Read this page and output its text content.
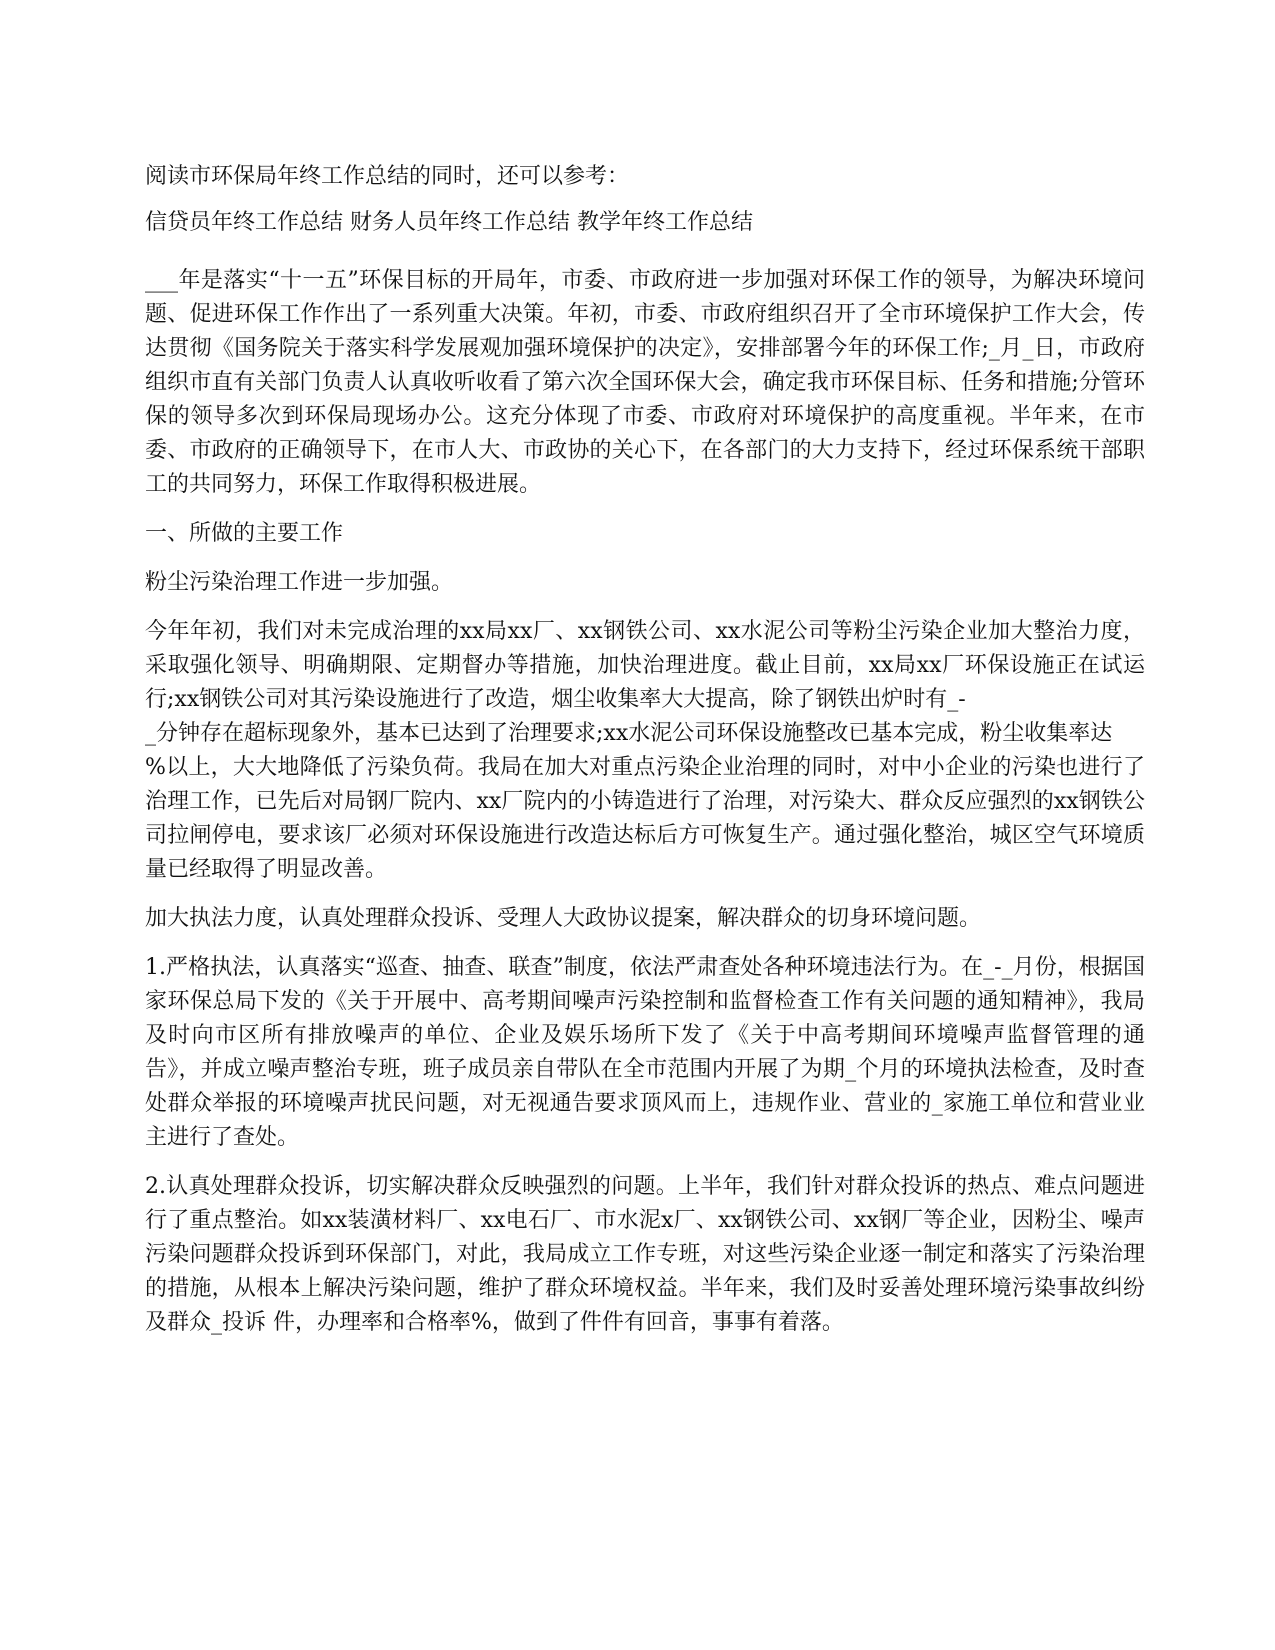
阅读市环保局年终工作总结的同时，还可以参考：

信贷员年终工作总结 财务人员年终工作总结 教学年终工作总结

___年是落实“十一五”环保目标的开局年，市委、市政府进一步加强对环保工作的领导，为解决环境问题、促进环保工作作出了一系列重大决策。年初，市委、市政府组织召开了全市环境保护工作大会，传达贯彻《国务院关于落实科学发展观加强环境保护的决定》，安排部署今年的环保工作;_月_日，市政府组织市直有关部门负责人认真收听收看了第六次全国环保大会，确定我市环保目标、任务和措施;分管环保的领导多次到环保局现场办公。这充分体现了市委、市政府对环境保护的高度重视。半年来，在市委、市政府的正确领导下，在市人大、市政协的关心下，在各部门的大力支持下，经过环保系统干部职工的共同努力，环保工作取得积极进展。

一、所做的主要工作

粉尘污染治理工作进一步加强。

今年年初，我们对未完成治理的xx局xx厂、xx钢铁公司、xx水泥公司等粉尘污染企业加大整治力度，采取强化领导、明确期限、定期督办等措施，加快治理进度。截止目前，xx局xx厂环保设施正在试运行;xx钢铁公司对其污染设施进行了改造，烟尘收集率大大提高，除了钢铁出炉时有_-
_分钟存在超标现象外，基本已达到了治理要求;xx水泥公司环保设施整改已基本完成，粉尘收集率达
%以上，大大地降低了污染负荷。我局在加大对重点污染企业治理的同时，对中小企业的污染也进行了治理工作，已先后对局钢厂院内、xx厂院内的小铸造进行了治理，对污染大、群众反应强烈的xx钢铁公司拉闸停电，要求该厂必须对环保设施进行改造达标后方可恢复生产。通过强化整治，城区空气环境质量已经取得了明显改善。

加大执法力度，认真处理群众投诉、受理人大政协议提案，解决群众的切身环境问题。

1.严格执法，认真落实“巡查、抽查、联查”制度，依法严肃查处各种环境违法行为。在_-_月份，根据国家环保总局下发的《关于开展中、高考期间噪声污染控制和监督检查工作有关问题的通知精神》，我局及时向市区所有排放噪声的单位、企业及娱乐场所下发了《关于中高考期间环境噪声监督管理的通告》，并成立噪声整治专班，班子成员亲自带队在全市范围内开展了为期_个月的环境执法检查，及时查处群众举报的环境噪声扰民问题，对无视通告要求顶风而上，违规作业、营业的_家施工单位和营业业主进行了查处。

2.认真处理群众投诉，切实解决群众反映强烈的问题。上半年，我们针对群众投诉的热点、难点问题进行了重点整治。如xx装潢材料厂、xx电石厂、市水泥x厂、xx钢铁公司、xx钢厂等企业，因粉尘、噪声污染问题群众投诉到环保部门，对此，我局成立工作专班，对这些污染企业逐一制定和落实了污染治理的措施，从根本上解决污染问题，维护了群众环境权益。半年来，我们及时妥善处理环境污染事故纠纷及群众_投诉 件，办理率和合格率%，做到了件件有回音，事事有着落。
